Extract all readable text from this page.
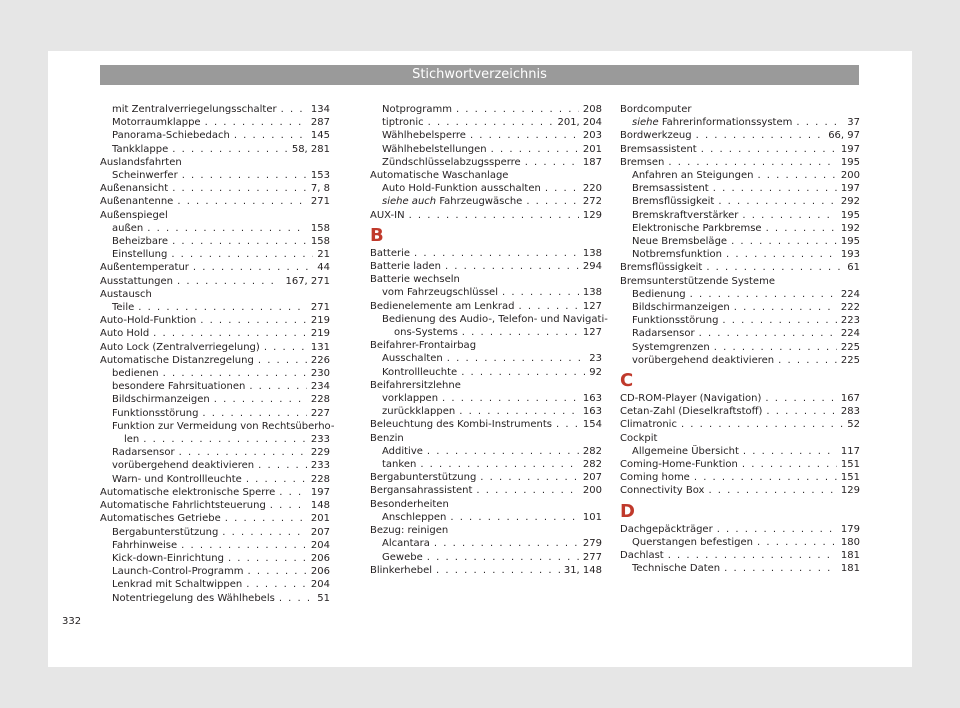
Stichwortverzeichnis
mit Zentralverriegelungsschalter . . .	134
Motorraumklappe . . .	287
Panorama-Schiebedach . . .	145
Tankklappe . . .	58, 281
Auslandsfahrten
Scheinwerfer . . .	153
Außenansicht . . .	7, 8
Außenantenne . . .	271
Außenspiegel
außen . . .	158
Beheizbare . . .	158
Einstellung . . .	21
Außentemperatur . . .	44
Ausstattungen . . .	167, 271
Austausch
Teile . . .	271
Auto-Hold-Funktion . . .	219
Auto Hold . . .	219
Auto Lock (Zentralverriegelung) . . .	131
Automatische Distanzregelung . . .	226
bedienen . . .	230
besondere Fahrsituationen . . .	234
Bildschirmanzeigen . . .	228
Funktionsstörung . . .	227
Funktion zur Vermeidung von Rechtsüberho-
len . . .	233
Radarsensor . . .	229
vorübergehend deaktivieren . . .	233
Warn- und Kontrollleuchte . . .	228
Automatische elektronische Sperre . . .	197
Automatische Fahrlichtsteuerung . . .	148
Automatisches Getriebe . . .	201
Bergabunterstützung . . .	207
Fahrhinweise . . .	204
Kick-down-Einrichtung . . .	206
Launch-Control-Programm . . .	206
Lenkrad mit Schaltwippen . . .	204
Notentriegelung des Wählhebels . . .	51
Notprogramm . . .	208
tiptronic . . .	201, 204
Wählhebelsperre . . .	203
Wählhebelstellungen . . .	201
Zündschlüsselabzugssperre . . .	187
Automatische Waschanlage
Auto Hold-Funktion ausschalten . . .	220
siehe auch Fahrzeugwäsche . . .	272
AUX-IN . . .	129
B
Batterie . . .	138
Batterie laden . . .	294
Batterie wechseln
vom Fahrzeugschlüssel . . .	138
Bedienelemente am Lenkrad . . .	127
Bedienung des Audio-, Telefon- und Navigati-
ons-Systems . . .	127
Beifahrer-Frontairbag
Ausschalten . . .	23
Kontrollleuchte . . .	92
Beifahrersitzlehne
vorklappen . . .	163
zurückklappen . . .	163
Beleuchtung des Kombi-Instruments . . .	154
Benzin
Additive . . .	282
tanken . . .	282
Bergabunterstützung . . .	207
Bergansahrassistent . . .	200
Besonderheiten
Anschleppen . . .	101
Bezug: reinigen
Alcantara . . .	279
Gewebe . . .	277
Blinkerhebel . . .	31, 148
Bordcomputer
siehe Fahrerinformationssystem . . .	37
Bordwerkzeug . . .	66, 97
Bremsassistent . . .	197
Bremsen . . .	195
Anfahren an Steigungen . . .	200
Bremsassistent . . .	197
Bremsflüssigkeit . . .	292
Bremskraftverstärker . . .	195
Elektronische Parkbremse . . .	192
Neue Bremsbeläge . . .	195
Notbremsfunktion . . .	193
Bremsflüssigkeit . . .	61
Bremsunterstützende Systeme
Bedienung . . .	224
Bildschirmanzeigen . . .	222
Funktionsstörung . . .	223
Radarsensor . . .	224
Systemgrenzen . . .	225
vorübergehend deaktivieren . . .	225
C
CD-ROM-Player (Navigation) . . .	167
Cetan-Zahl (Dieselkraftstoff) . . .	283
Climatronic . . .	52
Cockpit
Allgemeine Übersicht . . .	117
Coming-Home-Funktion . . .	151
Coming home . . .	151
Connectivity Box . . .	129
D
Dachgepäckträger . . .	179
Querstangen befestigen . . .	180
Dachlast . . .	181
Technische Daten . . .	181
332
